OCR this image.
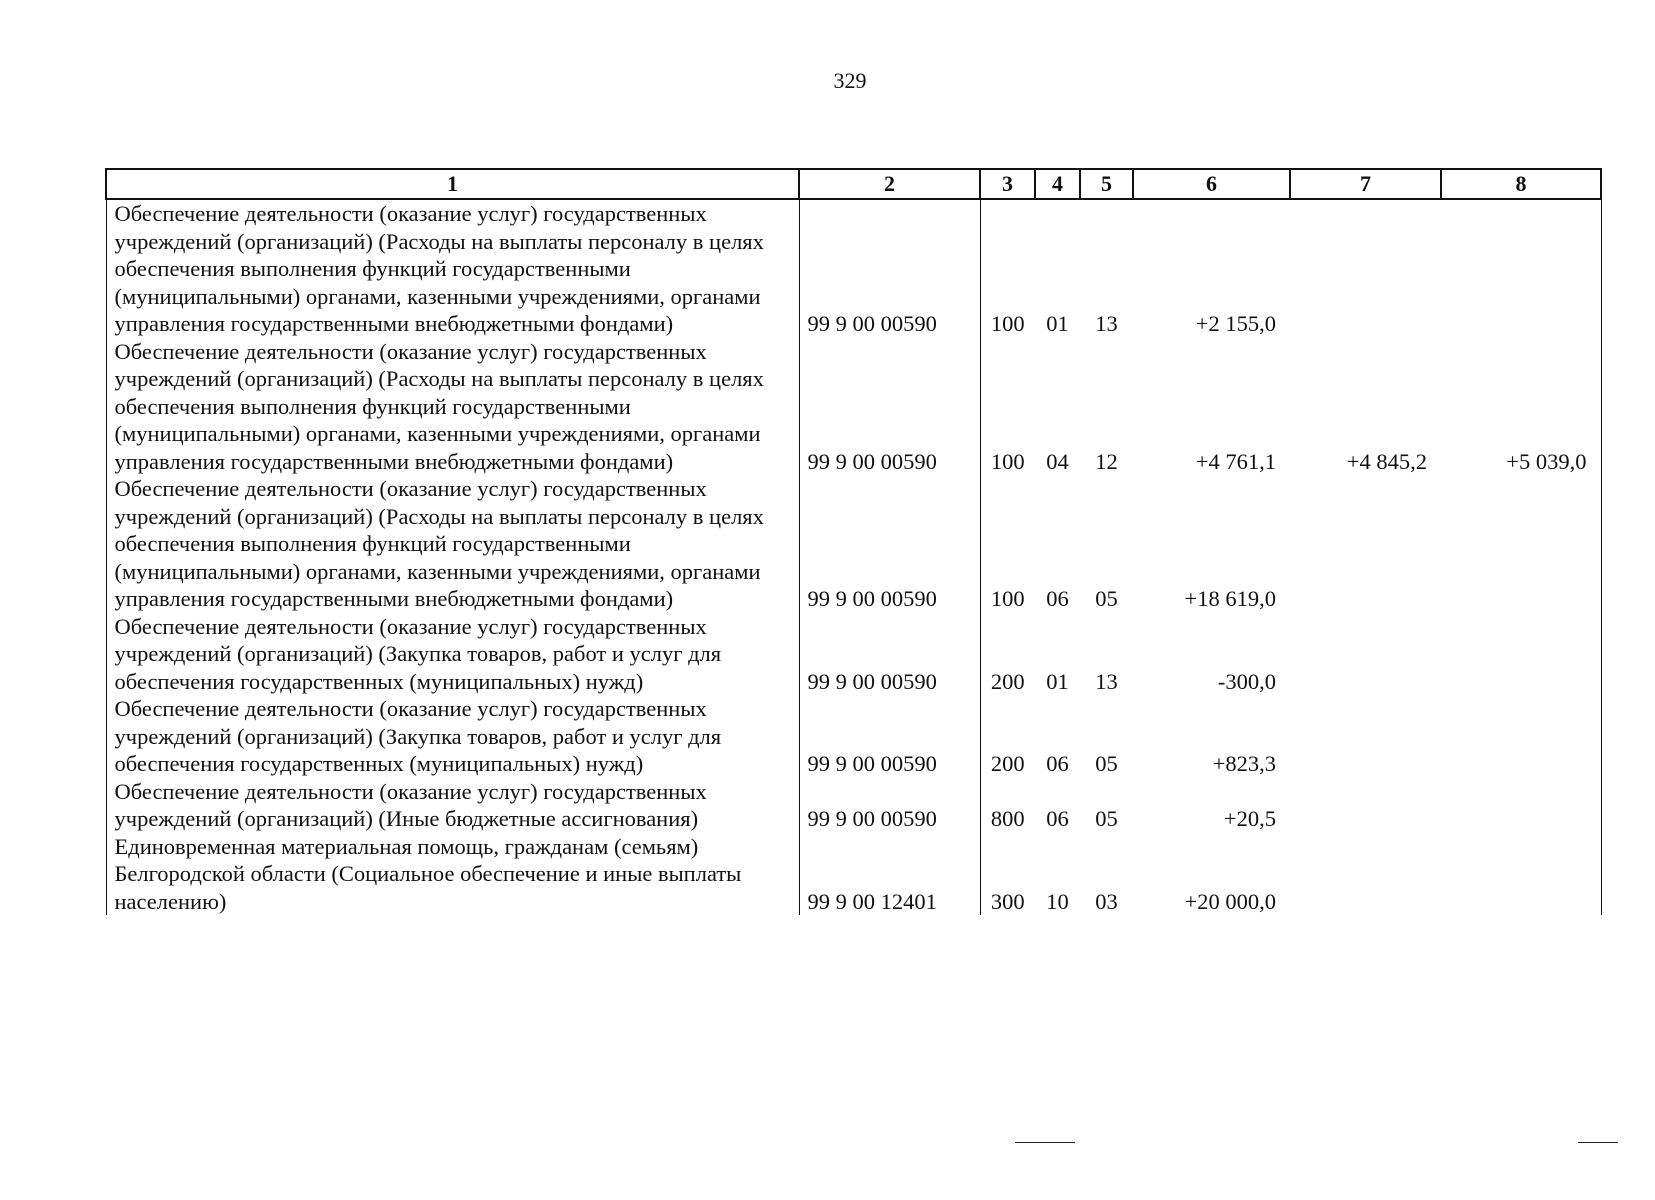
329
1	2	3	4	5	6	7	8
Обеспечение деятельности (оказание услуг) государственных учреждений (организаций) (Расходы на выплаты персоналу в целях обеспечения выполнения функций государственными (муниципальными) органами, казенными учреждениями, органами управления государственными внебюджетными фондами)	99 9 00 00590	100	01	13	+2 155,0		
Обеспечение деятельности (оказание услуг) государственных учреждений (организаций) (Расходы на выплаты персоналу в целях обеспечения выполнения функций государственными (муниципальными) органами, казенными учреждениями, органами управления государственными внебюджетными фондами)	99 9 00 00590	100	04	12	+4 761,1	+4 845,2	+5 039,0
Обеспечение деятельности (оказание услуг) государственных учреждений (организаций) (Расходы на выплаты персоналу в целях обеспечения выполнения функций государственными (муниципальными) органами, казенными учреждениями, органами управления государственными внебюджетными фондами)	99 9 00 00590	100	06	05	+18 619,0		
Обеспечение деятельности (оказание услуг) государственных учреждений (организаций) (Закупка товаров, работ и услуг для обеспечения государственных (муниципальных) нужд)	99 9 00 00590	200	01	13	-300,0		
Обеспечение деятельности (оказание услуг) государственных учреждений (организаций) (Закупка товаров, работ и услуг для обеспечения государственных (муниципальных) нужд)	99 9 00 00590	200	06	05	+823,3		
Обеспечение деятельности (оказание услуг) государственных учреждений (организаций) (Иные бюджетные ассигнования)	99 9 00 00590	800	06	05	+20,5		
Единовременная материальная помощь, гражданам (семьям) Белгородской области (Социальное обеспечение и иные выплаты населению)	99 9 00 12401	300	10	03	+20 000,0		
